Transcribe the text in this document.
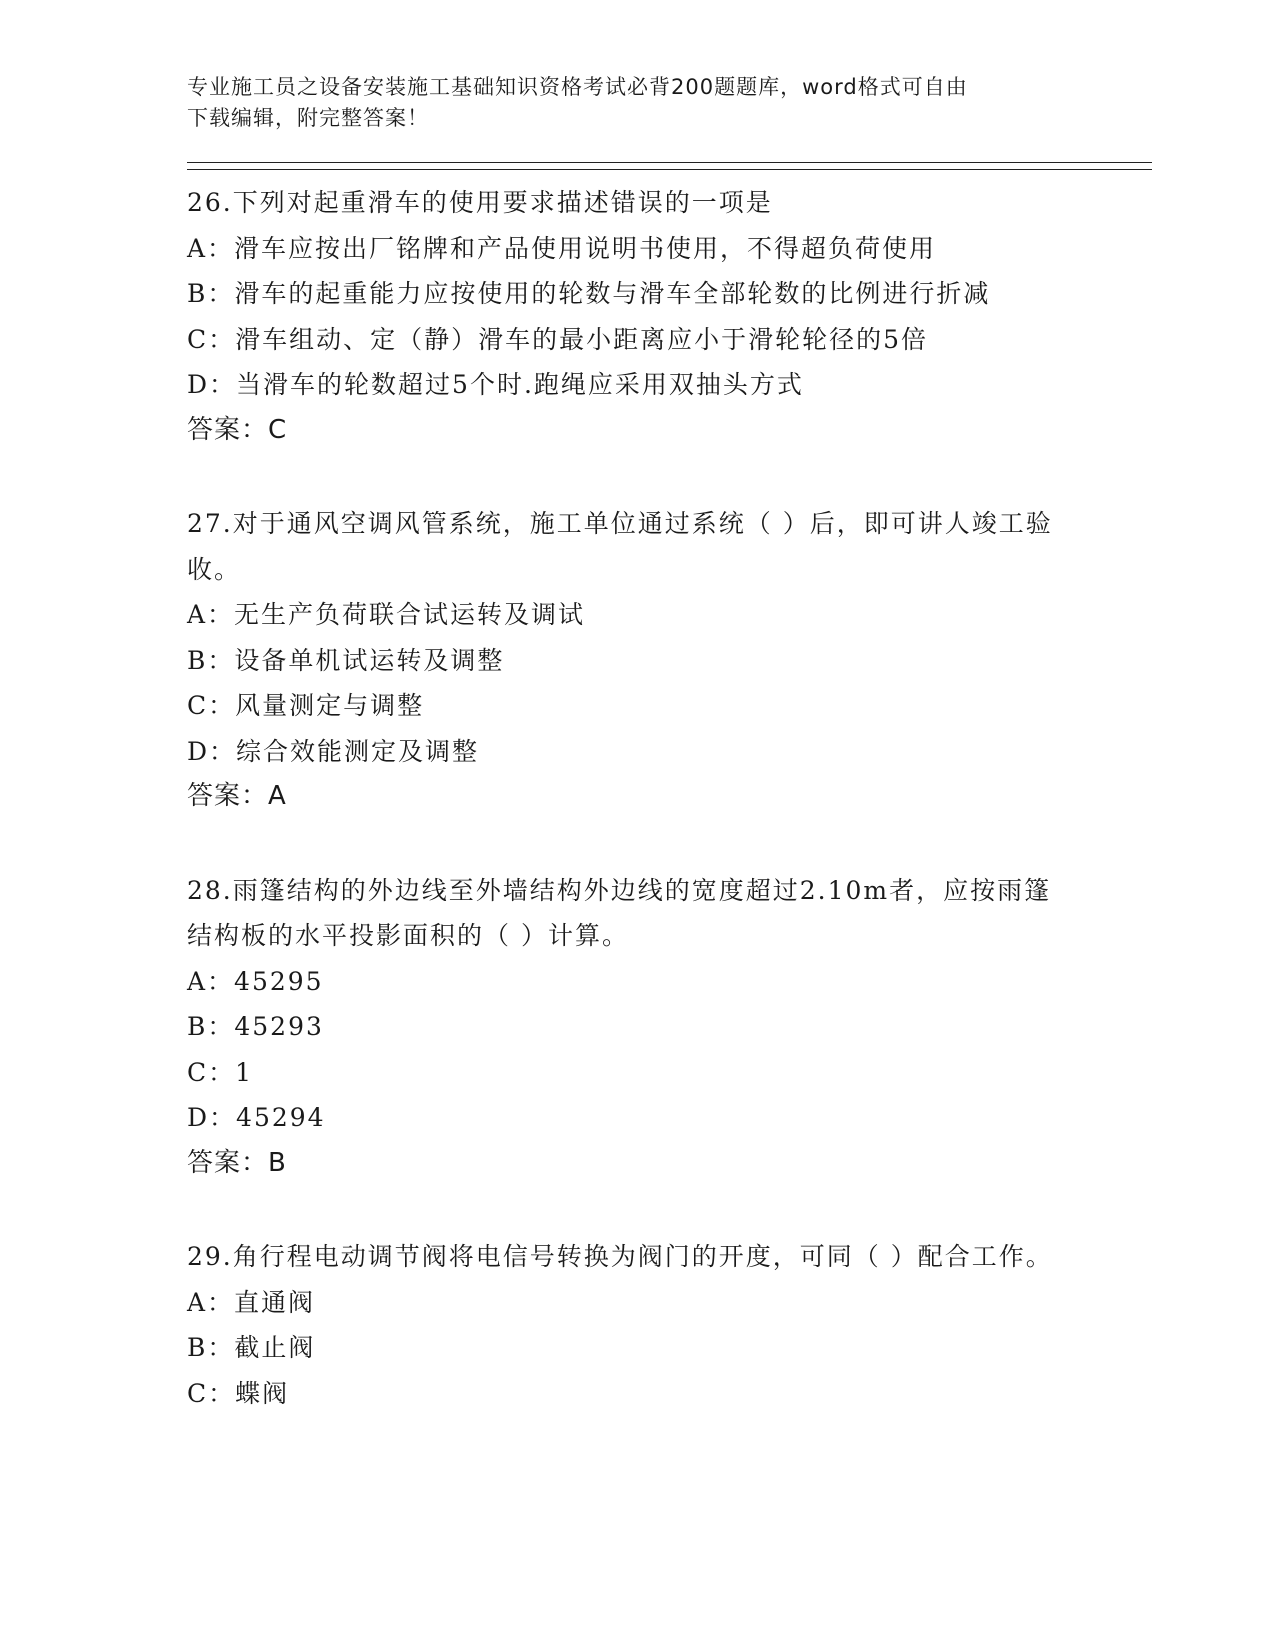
专业施工员之设备安装施工基础知识资格考试必背200题题库，word格式可自由
下载编辑，附完整答案！
26.下列对起重滑车的使用要求描述错误的一项是
A：滑车应按出厂铭牌和产品使用说明书使用，不得超负荷使用
B：滑车的起重能力应按使用的轮数与滑车全部轮数的比例进行折减
C：滑车组动、定（静）滑车的最小距离应小于滑轮轮径的5倍
D：当滑车的轮数超过5个时.跑绳应采用双抽头方式
答案：C
27.对于通风空调风管系统，施工单位通过系统（ ）后，即可讲人竣工验收。
A：无生产负荷联合试运转及调试
B：设备单机试运转及调整
C：风量测定与调整
D：综合效能测定及调整
答案：A
28.雨篷结构的外边线至外墙结构外边线的宽度超过2.10m者，应按雨篷结构板的水平投影面积的（ ）计算。
A：45295
B：45293
C：1
D：45294
答案：B
29.角行程电动调节阀将电信号转换为阀门的开度，可同（ ）配合工作。
A：直通阀
B：截止阀
C：蝶阀
